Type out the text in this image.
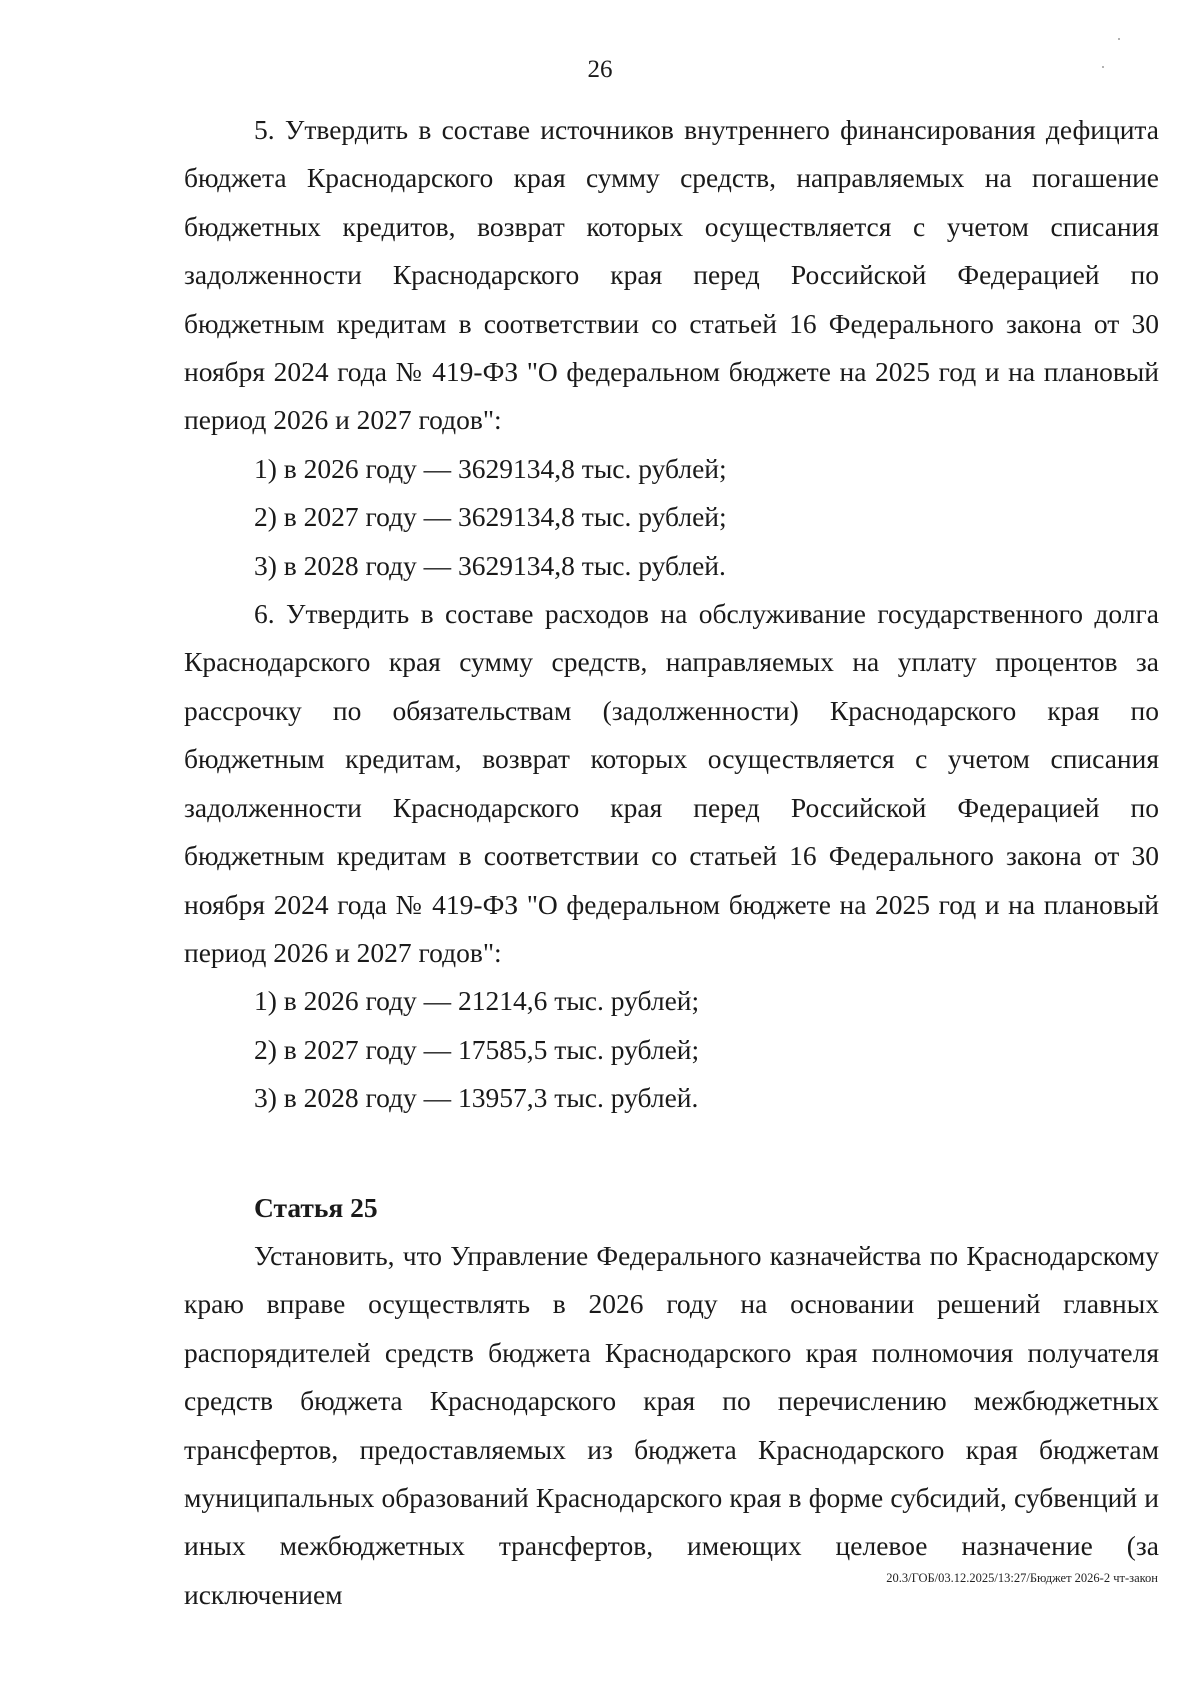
26

5. Утвердить в составе источников внутреннего финансирования дефицита бюджета Краснодарского края сумму средств, направляемых на погашение бюджетных кредитов, возврат которых осуществляется с учетом списания задолженности Краснодарского края перед Российской Федерацией по бюджетным кредитам в соответствии со статьей 16 Федерального закона от 30 ноября 2024 года № 419-ФЗ "О федеральном бюджете на 2025 год и на плановый период 2026 и 2027 годов":

1) в 2026 году — 3629134,8 тыс. рублей;

2) в 2027 году — 3629134,8 тыс. рублей;

3) в 2028 году — 3629134,8 тыс. рублей.

6. Утвердить в составе расходов на обслуживание государственного долга Краснодарского края сумму средств, направляемых на уплату процентов за рассрочку по обязательствам (задолженности) Краснодарского края по бюджетным кредитам, возврат которых осуществляется с учетом списания задолженности Краснодарского края перед Российской Федерацией по бюджетным кредитам в соответствии со статьей 16 Федерального закона от 30 ноября 2024 года № 419-ФЗ "О федеральном бюджете на 2025 год и на плановый период 2026 и 2027 годов":

1) в 2026 году — 21214,6 тыс. рублей;

2) в 2027 году — 17585,5 тыс. рублей;

3) в 2028 году — 13957,3 тыс. рублей.

Статья 25

Установить, что Управление Федерального казначейства по Краснодарскому краю вправе осуществлять в 2026 году на основании решений главных распорядителей средств бюджета Краснодарского края полномочия получателя средств бюджета Краснодарского края по перечислению межбюджетных трансфертов, предоставляемых из бюджета Краснодарского края бюджетам муниципальных образований Краснодарского края в форме субсидий, субвенций и иных межбюджетных трансфертов, имеющих целевое назначение (за исключением

20.3/ГОБ/03.12.2025/13:27/Бюджет 2026-2 чт-закон
